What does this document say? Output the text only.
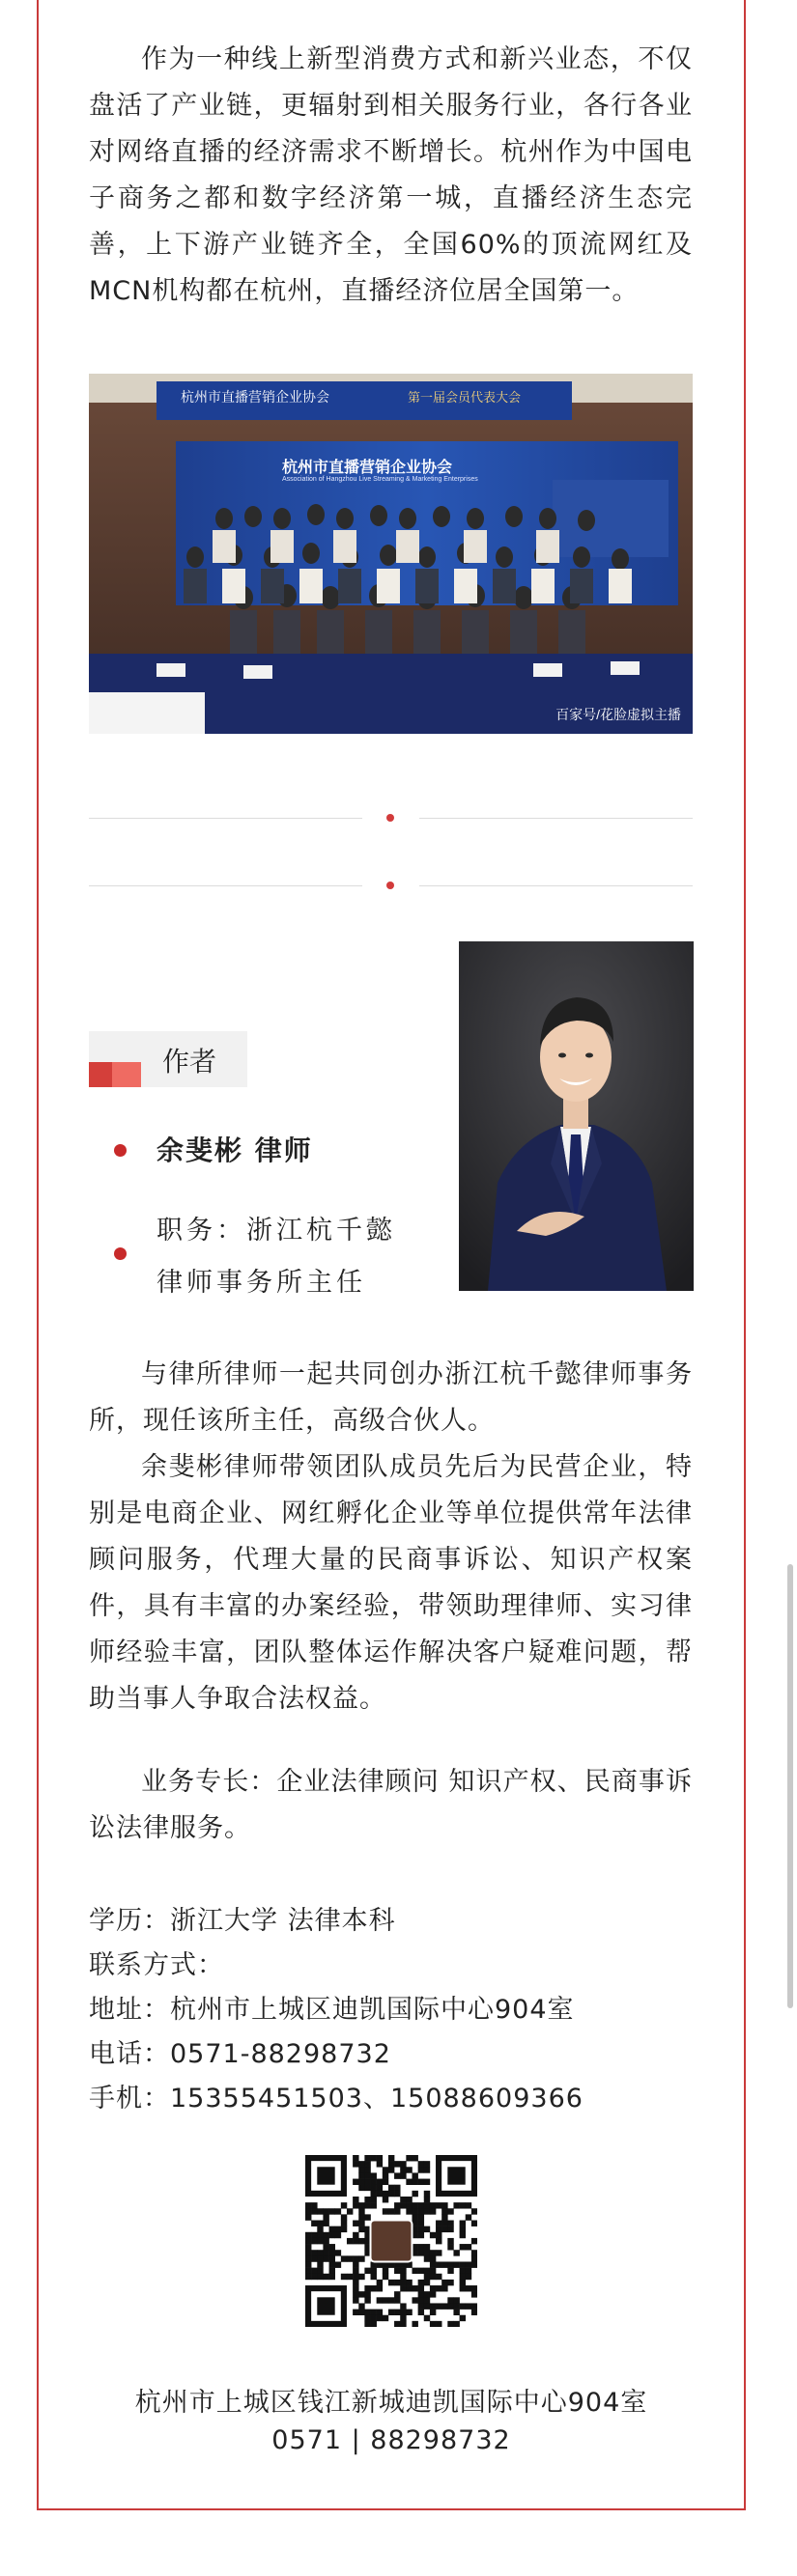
作为一种线上新型消费方式和新兴业态，不仅盘活了产业链，更辐射到相关服务行业，各行各业对网络直播的经济需求不断增长。杭州作为中国电子商务之都和数字经济第一城，直播经济生态完善，上下游产业链齐全，全国60%的顶流网红及MCN机构都在杭州，直播经济位居全国第一。

杭州市直播营销企业协会	第一届会员代表大会
杭州市直播营销企业协会
Association of Hangzhou Live Streaming & Marketing Enterprises
百家号/花脸虚拟主播
作者
余斐彬 律师
职务：浙江杭千懿
律师事务所主任

与律所律师一起共同创办浙江杭千懿律师事务所，现任该所主任，高级合伙人。

余斐彬律师带领团队成员先后为民营企业，特别是电商企业、网红孵化企业等单位提供常年法律顾问服务，代理大量的民商事诉讼、知识产权案件，具有丰富的办案经验，带领助理律师、实习律师经验丰富，团队整体运作解决客户疑难问题，帮助当事人争取合法权益。

业务专长：企业法律顾问 知识产权、民商事诉讼法律服务。

学历：浙江大学 法律本科
联系方式：
地址：杭州市上城区迪凯国际中心904室
电话：0571-88298732
手机：15355451503、15088609366
杭州市上城区钱江新城迪凯国际中心904室
0571 | 88298732
